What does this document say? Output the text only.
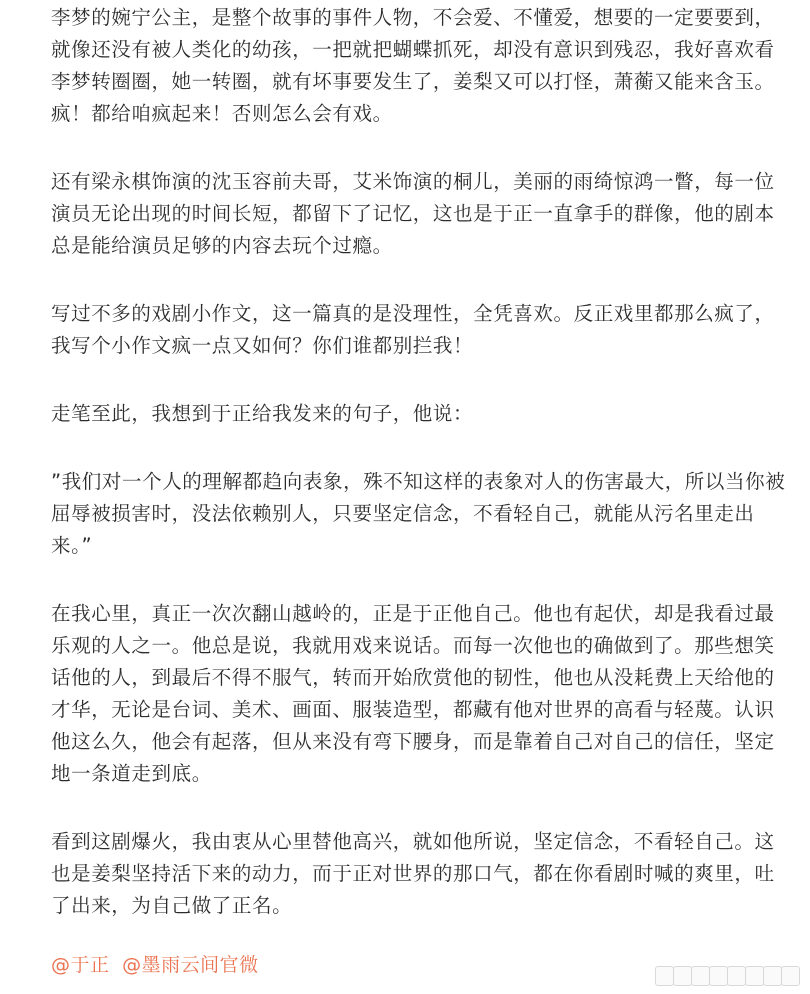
李梦的婉宁公主，是整个故事的事件人物，不会爱、不懂爱，想要的一定要要到，就像还没有被人类化的幼孩，一把就把蝴蝶抓死，却没有意识到残忍，我好喜欢看李梦转圈圈，她一转圈，就有坏事要发生了，姜梨又可以打怪，萧蘅又能来含玉。疯！都给咱疯起来！否则怎么会有戏。

还有梁永棋饰演的沈玉容前夫哥，艾米饰演的桐儿，美丽的雨绮惊鸿一瞥，每一位演员无论出现的时间长短，都留下了记忆，这也是于正一直拿手的群像，他的剧本总是能给演员足够的内容去玩个过瘾。

写过不多的戏剧小作文，这一篇真的是没理性，全凭喜欢。反正戏里都那么疯了，我写个小作文疯一点又如何？你们谁都别拦我！

走笔至此，我想到于正给我发来的句子，他说：

”我们对一个人的理解都趋向表象，殊不知这样的表象对人的伤害最大，所以当你被屈辱被损害时，没法依赖别人，只要坚定信念，不看轻自己，就能从污名里走出来。”

在我心里，真正一次次翻山越岭的，正是于正他自己。他也有起伏，却是我看过最乐观的人之一。他总是说，我就用戏来说话。而每一次他也的确做到了。那些想笑话他的人，到最后不得不服气，转而开始欣赏他的韧性，他也从没耗费上天给他的才华，无论是台词、美术、画面、服装造型，都藏有他对世界的高看与轻蔑。认识他这么久，他会有起落，但从来没有弯下腰身，而是靠着自己对自己的信任，坚定地一条道走到底。

看到这剧爆火，我由衷从心里替他高兴，就如他所说，坚定信念，不看轻自己。这也是姜梨坚持活下来的动力，而于正对世界的那口气，都在你看剧时喊的爽里，吐了出来，为自己做了正名。

@于正 @墨雨云间官微
